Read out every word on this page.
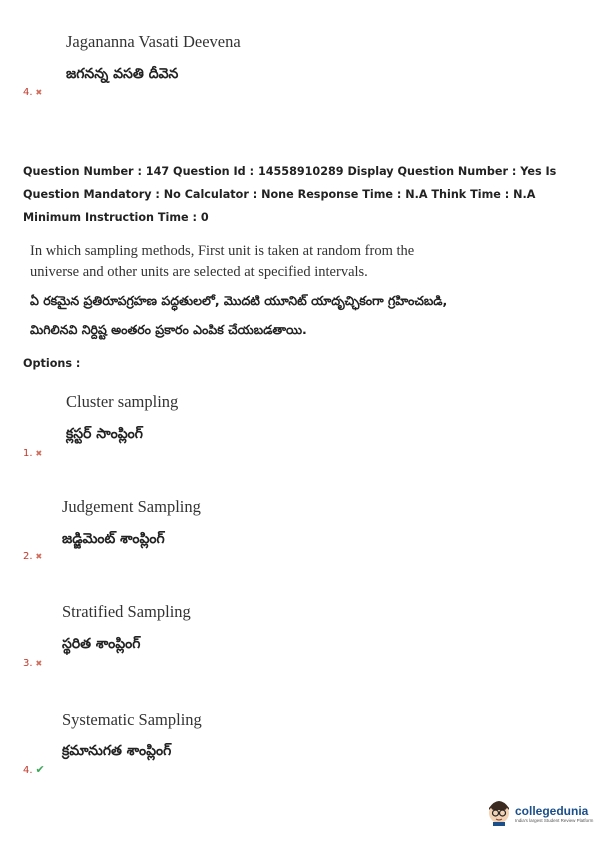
Jagananna Vasati Deevena
జగనన్న వసతి దీవెన
4. ✖
Question Number : 147 Question Id : 14558910289 Display Question Number : Yes Is Question Mandatory : No Calculator : None Response Time : N.A Think Time : N.A Minimum Instruction Time : 0
In which sampling methods, First unit is taken at random from the universe and other units are selected at specified intervals.
ఏ రకమైన ప్రతిరూపగ్రహణ పద్ధతులలో, మొదటి యూనిట్ యాదృచ్ఛికంగా గ్రహించబడి,
మిగిలినవి నిర్దిష్ట అంతరం ప్రకారం ఎంపిక చేయబడతాయి.
Options :
Cluster sampling
క్లస్టర్ సాంప్లింగ్
1. ✖
Judgement Sampling
జడ్జిమెంట్ శాంప్లింగ్
2. ✖
Stratified Sampling
స్థరిత శాంప్లింగ్
3. ✖
Systematic Sampling
క్రమానుగత శాంప్లింగ్
4. ✔
collegedunia
India's largest Student Review Platform
